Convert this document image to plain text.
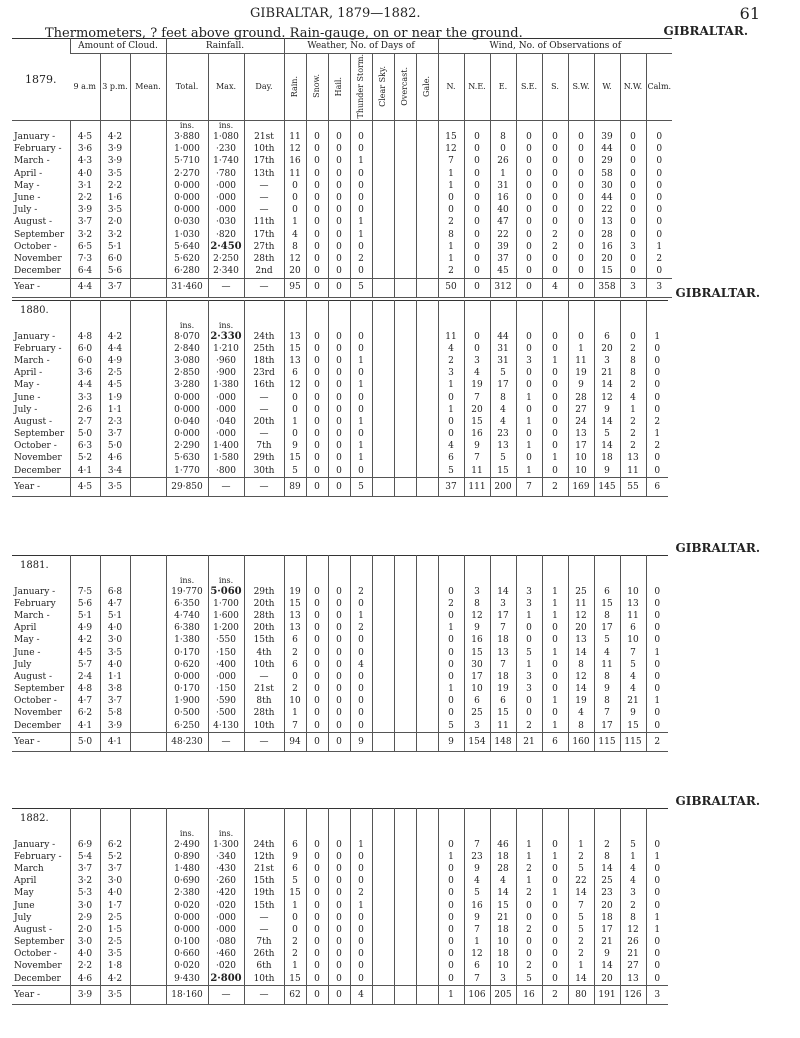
Thermometers, ? feet above ground. Rain-gauge, on or near the ground.
GIBRALTAR, 1879—1882.
GIBRALTAR.
61
1879.	Amount of Cloud.			Rainfall.			Weather, No. of Days of							Wind, No. of Observations of								
	9 a.m	3 p.m.	Mean.	Total.	Max.	Day.	Rain.	Snow.	Hail.	Thunder Storm.	Clear Sky.	Overcast.	Gale.	N.	N.E.	E.	S.E.	S.	S.W.	W.	N.W.	Calm.
				ins.	ins.																	
January -	4·5	4·2		3·880	1·080	21st	11	0	0	0				15	0	8	0	0	0	39	0	0
February -	3·6	3·9		1·000	·230	10th	12	0	0	0				12	0	0	0	0	0	44	0	0
March -	4·3	3·9		5·710	1·740	17th	16	0	0	1				7	0	26	0	0	0	29	0	0
April -	4·0	3·5		2·270	·780	13th	11	0	0	0				1	0	1	0	0	0	58	0	0
May -	3·1	2·2		0·000	·000	—	0	0	0	0				1	0	31	0	0	0	30	0	0
June -	2·2	1·6		0·000	·000	—	0	0	0	0				0	0	16	0	0	0	44	0	0
July -	3·9	3·5		0·000	·000	—	0	0	0	0				0	0	40	0	0	0	22	0	0
August -	3·7	2·0		0·030	·030	11th	1	0	0	1				2	0	47	0	0	0	13	0	0
September	3·2	3·2		1·030	·820	17th	4	0	0	1				8	0	22	0	2	0	28	0	0
October -	6·5	5·1		5·640	2·450	27th	8	0	0	0				1	0	39	0	2	0	16	3	1
November	7·3	6·0		5·620	2·250	28th	12	0	0	2				1	0	37	0	0	0	20	0	2
December	6·4	5·6		6·280	2·340	2nd	20	0	0	0				2	0	45	0	0	0	15	0	0
Year -	4·4	3·7		31·460	—	—	95	0	0	5				50	0	312	0	4	0	358	3	3 GIBRALTAR.
1880.																						
				ins.	ins.																	
January -	4·8	4·2		8·070	2·330	24th	13	0	0	0				11	0	44	0	0	0	6	0	1
February -	6·0	4·4		2·840	1·210	25th	15	0	0	0				4	0	31	0	0	1	20	2	0
March -	6·0	4·9		3·080	·960	18th	13	0	0	1				2	3	31	3	1	11	3	8	0
April -	3·6	2·5		2·850	·900	23rd	6	0	0	0				3	4	5	0	0	19	21	8	0
May -	4·4	4·5		3·280	1·380	16th	12	0	0	1				1	19	17	0	0	9	14	2	0
June -	3·3	1·9		0·000	·000	—	0	0	0	0				0	7	8	1	0	28	12	4	0
July -	2·6	1·1		0·000	·000	—	0	0	0	0				1	20	4	0	0	27	9	1	0
August -	2·7	2·3		0·040	·040	20th	1	0	0	1				0	15	4	1	0	24	14	2	2
September	5·0	3·7		0·000	·000	—	0	0	0	0				0	16	23	0	0	13	5	2	1
October -	6·3	5·0		2·290	1·400	7th	9	0	0	1				4	9	13	1	0	17	14	2	2
November	5·2	4·6		5·630	1·580	29th	15	0	0	1				6	7	5	0	1	10	18	13	0
December	4·1	3·4		1·770	·800	30th	5	0	0	0				5	11	15	1	0	10	9	11	0
Year -	4·5	3·5		29·850	—	—	89	0	0	5				37	111	200	7	2	169	145	55	6
GIBRALTAR.
1881.																						
				ins.	ins.																	
January -	7·5	6·8		19·770	5·060	29th	19	0	0	2				0	3	14	3	1	25	6	10	0
February	5·6	4·7		6·350	1·700	20th	15	0	0	0				2	8	3	3	1	11	15	13	0
March -	5·1	5·1		4·740	1·600	28th	13	0	0	1				0	12	17	1	1	12	8	11	0
April	4·9	4·0		6·380	1·200	20th	13	0	0	2				1	9	7	0	0	20	17	6	0
May -	4·2	3·0		1·380	·550	15th	6	0	0	0				0	16	18	0	0	13	5	10	0
June -	4·5	3·5		0·170	·150	4th	2	0	0	0				0	15	13	5	1	14	4	7	1
July	5·7	4·0		0·620	·400	10th	6	0	0	4				0	30	7	1	0	8	11	5	0
August -	2·4	1·1		0·000	·000	—	0	0	0	0				0	17	18	3	0	12	8	4	0
September	4·8	3·8		0·170	·150	21st	2	0	0	0				1	10	19	3	0	14	9	4	0
October -	4·7	3·7		1·900	·590	8th	10	0	0	0				0	6	6	0	1	19	8	21	1
November	6·2	5·8		0·500	·500	28th	1	0	0	0				0	25	15	0	0	4	7	9	0
December	4·1	3·9		6·250	4·130	10th	7	0	0	0				5	3	11	2	1	8	17	15	0
Year -	5·0	4·1		48·230	—	—	94	0	0	9				9	154	148	21	6	160	115	115	2
GIBRALTAR.
1882.																						
				ins.	ins.																	
January -	6·9	6·2		2·490	1·300	24th	6	0	0	1				0	7	46	1	0	1	2	5	0
February -	5·4	5·2		0·890	·340	12th	9	0	0	0				1	23	18	1	1	2	8	1	1
March	3·7	3·7		1·480	·430	21st	6	0	0	0				0	9	28	2	0	5	14	4	0
April	3·2	3·0		0·690	·260	15th	5	0	0	0				0	4	4	1	0	22	25	4	0
May	5·3	4·0		2·380	·420	19th	15	0	0	2				0	5	14	2	1	14	23	3	0
June	3·0	1·7		0·020	·020	15th	1	0	0	1				0	16	15	0	0	7	20	2	0
July	2·9	2·5		0·000	·000	—	0	0	0	0				0	9	21	0	0	5	18	8	1
August -	2·0	1·5		0·000	·000	—	0	0	0	0				0	7	18	2	0	5	17	12	1
September	3·0	2·5		0·100	·080	7th	2	0	0	0				0	1	10	0	0	2	21	26	0
October -	4·0	3·5		0·660	·460	26th	2	0	0	0				0	12	18	0	0	2	9	21	0
November	2·2	1·8		0·020	·020	6th	1	0	0	0				0	6	10	2	0	1	14	27	0
December	4·6	4·2		9·430	2·800	10th	15	0	0	0				0	7	3	5	0	14	20	13	0
Year -	3·9	3·5		18·160	—	—	62	0	0	4				1	106	205	16	2	80	191	126	3
